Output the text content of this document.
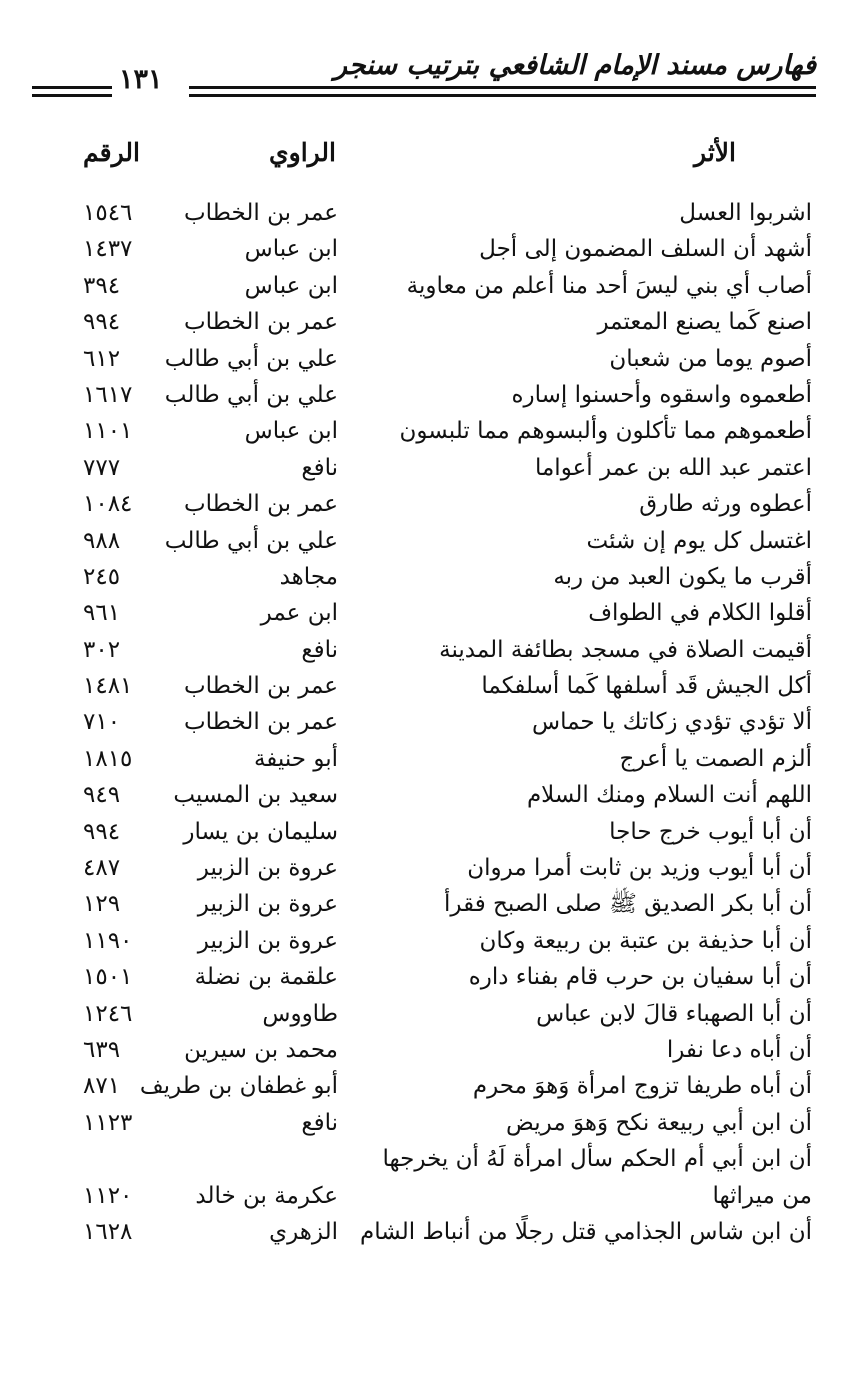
فهارس مسند الإمام الشافعي بترتيب سنجر
١٣١
الأثر
الراوي
الرقم
اشربوا العسل
عمر بن الخطاب
١٥٤٦
أشهد أن السلف المضمون إلى أجل
ابن عباس
١٤٣٧
أصاب أي بني ليسَ أحد منا أعلم من معاوية
ابن عباس
٣٩٤
اصنع كَما يصنع المعتمر
عمر بن الخطاب
٩٩٤
أصوم يوما من شعبان
علي بن أبي طالب
٦١٢
أطعموه واسقوه وأحسنوا إساره
علي بن أبي طالب
١٦١٧
أطعموهم مما تأكلون وألبسوهم مما تلبسون
ابن عباس
١١٠١
اعتمر عبد الله بن عمر أعواما
نافع
٧٧٧
أعطوه ورثه طارق
عمر بن الخطاب
١٠٨٤
اغتسل كل يوم إن شئت
علي بن أبي طالب
٩٨٨
أقرب ما يكون العبد من ربه
مجاهد
٢٤٥
أقلوا الكلام في الطواف
ابن عمر
٩٦١
أقيمت الصلاة في مسجد بطائفة المدينة
نافع
٣٠٢
أكل الجيش قَد أسلفها كَما أسلفكما
عمر بن الخطاب
١٤٨١
ألا تؤدي تؤدي زكاتك يا حماس
عمر بن الخطاب
٧١٠
ألزم الصمت يا أعرج
أبو حنيفة
١٨١٥
اللهم أنت السلام ومنك السلام
سعيد بن المسيب
٩٤٩
أن أبا أيوب خرج حاجا
سليمان بن يسار
٩٩٤
أن أبا أيوب وزيد بن ثابت أمرا مروان
عروة بن الزبير
٤٨٧
أن أبا بكر الصديق ﷺ صلى الصبح فقرأ
عروة بن الزبير
١٢٩
أن أبا حذيفة بن عتبة بن ربيعة وكان
عروة بن الزبير
١١٩٠
أن أبا سفيان بن حرب قام بفناء داره
علقمة بن نضلة
١٥٠١
أن أبا الصهباء قالَ لابن عباس
طاووس
١٢٤٦
أن أباه دعا نفرا
محمد بن سيرين
٦٣٩
أن أباه طريفا تزوج امرأة وَهوَ محرم
أبو غطفان بن طريف
٨٧١
أن ابن أبي ربيعة نكح وَهوَ مريض
نافع
١١٢٣
أن ابن أبي أم الحكم سأل امرأة لَهُ أن يخرجها
من ميراثها
عكرمة بن خالد
١١٢٠
أن ابن شاس الجذامي قتل رجلًا من أنباط الشام
الزهري
١٦٢٨
